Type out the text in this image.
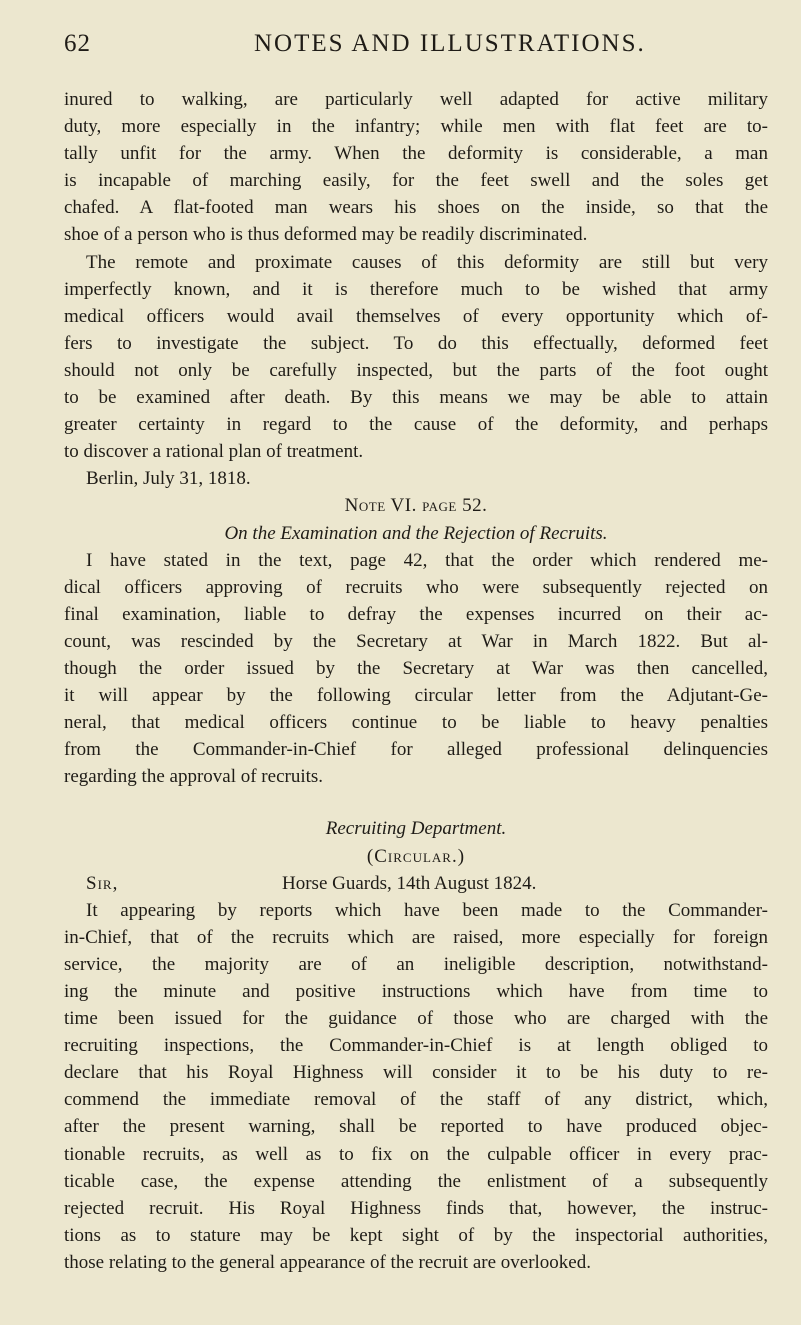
62	NOTES AND ILLUSTRATIONS.
inured to walking, are particularly well adapted for active military
duty, more especially in the infantry; while men with flat feet are to-
tally unfit for the army. When the deformity is considerable, a man
is incapable of marching easily, for the feet swell and the soles get
chafed. A flat-footed man wears his shoes on the inside, so that the
shoe of a person who is thus deformed may be readily discriminated.
The remote and proximate causes of this deformity are still but very
imperfectly known, and it is therefore much to be wished that army
medical officers would avail themselves of every opportunity which of-
fers to investigate the subject. To do this effectually, deformed feet
should not only be carefully inspected, but the parts of the foot ought
to be examined after death. By this means we may be able to attain
greater certainty in regard to the cause of the deformity, and perhaps
to discover a rational plan of treatment.
Berlin, July 31, 1818.
Note VI. page 52.
On the Examination and the Rejection of Recruits.
I have stated in the text, page 42, that the order which rendered me-
dical officers approving of recruits who were subsequently rejected on
final examination, liable to defray the expenses incurred on their ac-
count, was rescinded by the Secretary at War in March 1822. But al-
though the order issued by the Secretary at War was then cancelled,
it will appear by the following circular letter from the Adjutant-Ge-
neral, that medical officers continue to be liable to heavy penalties
from the Commander-in-Chief for alleged professional delinquencies
regarding the approval of recruits.
Recruiting Department.
(Circular.)
Sir,	Horse Guards, 14th August 1824.
It appearing by reports which have been made to the Commander-
in-Chief, that of the recruits which are raised, more especially for foreign
service, the majority are of an ineligible description, notwithstand-
ing the minute and positive instructions which have from time to
time been issued for the guidance of those who are charged with the
recruiting inspections, the Commander-in-Chief is at length obliged to
declare that his Royal Highness will consider it to be his duty to re-
commend the immediate removal of the staff of any district, which,
after the present warning, shall be reported to have produced objec-
tionable recruits, as well as to fix on the culpable officer in every prac-
ticable case, the expense attending the enlistment of a subsequently
rejected recruit. His Royal Highness finds that, however, the instruc-
tions as to stature may be kept sight of by the inspectorial authorities,
those relating to the general appearance of the recruit are overlooked.
